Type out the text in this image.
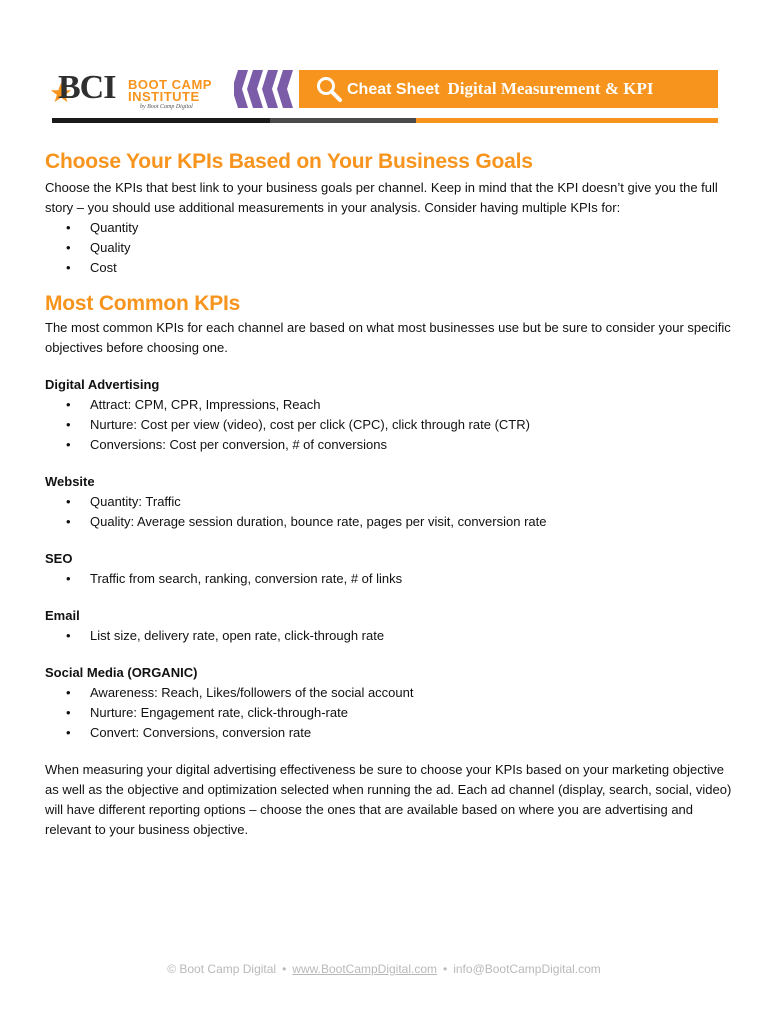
BCI BOOT CAMP
INSTITUTE
by Boot Camp Digital
Cheat Sheet Digital Measurement & KPI
Choose Your KPIs Based on Your Business Goals

Choose the KPIs that best link to your business goals per channel. Keep in mind that the KPI doesn’t give you the full story – you should use additional measurements in your analysis. Consider having multiple KPIs for:

• Quantity
• Quality
• Cost
Most Common KPIs

The most common KPIs for each channel are based on what most businesses use but be sure to consider your specific objectives before choosing one.

Digital Advertising

• Attract: CPM, CPR, Impressions, Reach
• Nurture: Cost per view (video), cost per click (CPC), click through rate (CTR)
• Conversions: Cost per conversion, # of conversions

Website

• Quantity: Traffic
• Quality: Average session duration, bounce rate, pages per visit, conversion rate

SEO

• Traffic from search, ranking, conversion rate, # of links

Email

• List size, delivery rate, open rate, click-through rate

Social Media (ORGANIC)

• Awareness: Reach, Likes/followers of the social account
• Nurture: Engagement rate, click-through-rate
• Convert: Conversions, conversion rate

When measuring your digital advertising effectiveness be sure to choose your KPIs based on your marketing objective as well as the objective and optimization selected when running the ad. Each ad channel (display, search, social, video) will have different reporting options – choose the ones that are available based on where you are advertising and relevant to your business objective.

© Boot Camp Digital • www.BootCampDigital.com • info@BootCampDigital.com
